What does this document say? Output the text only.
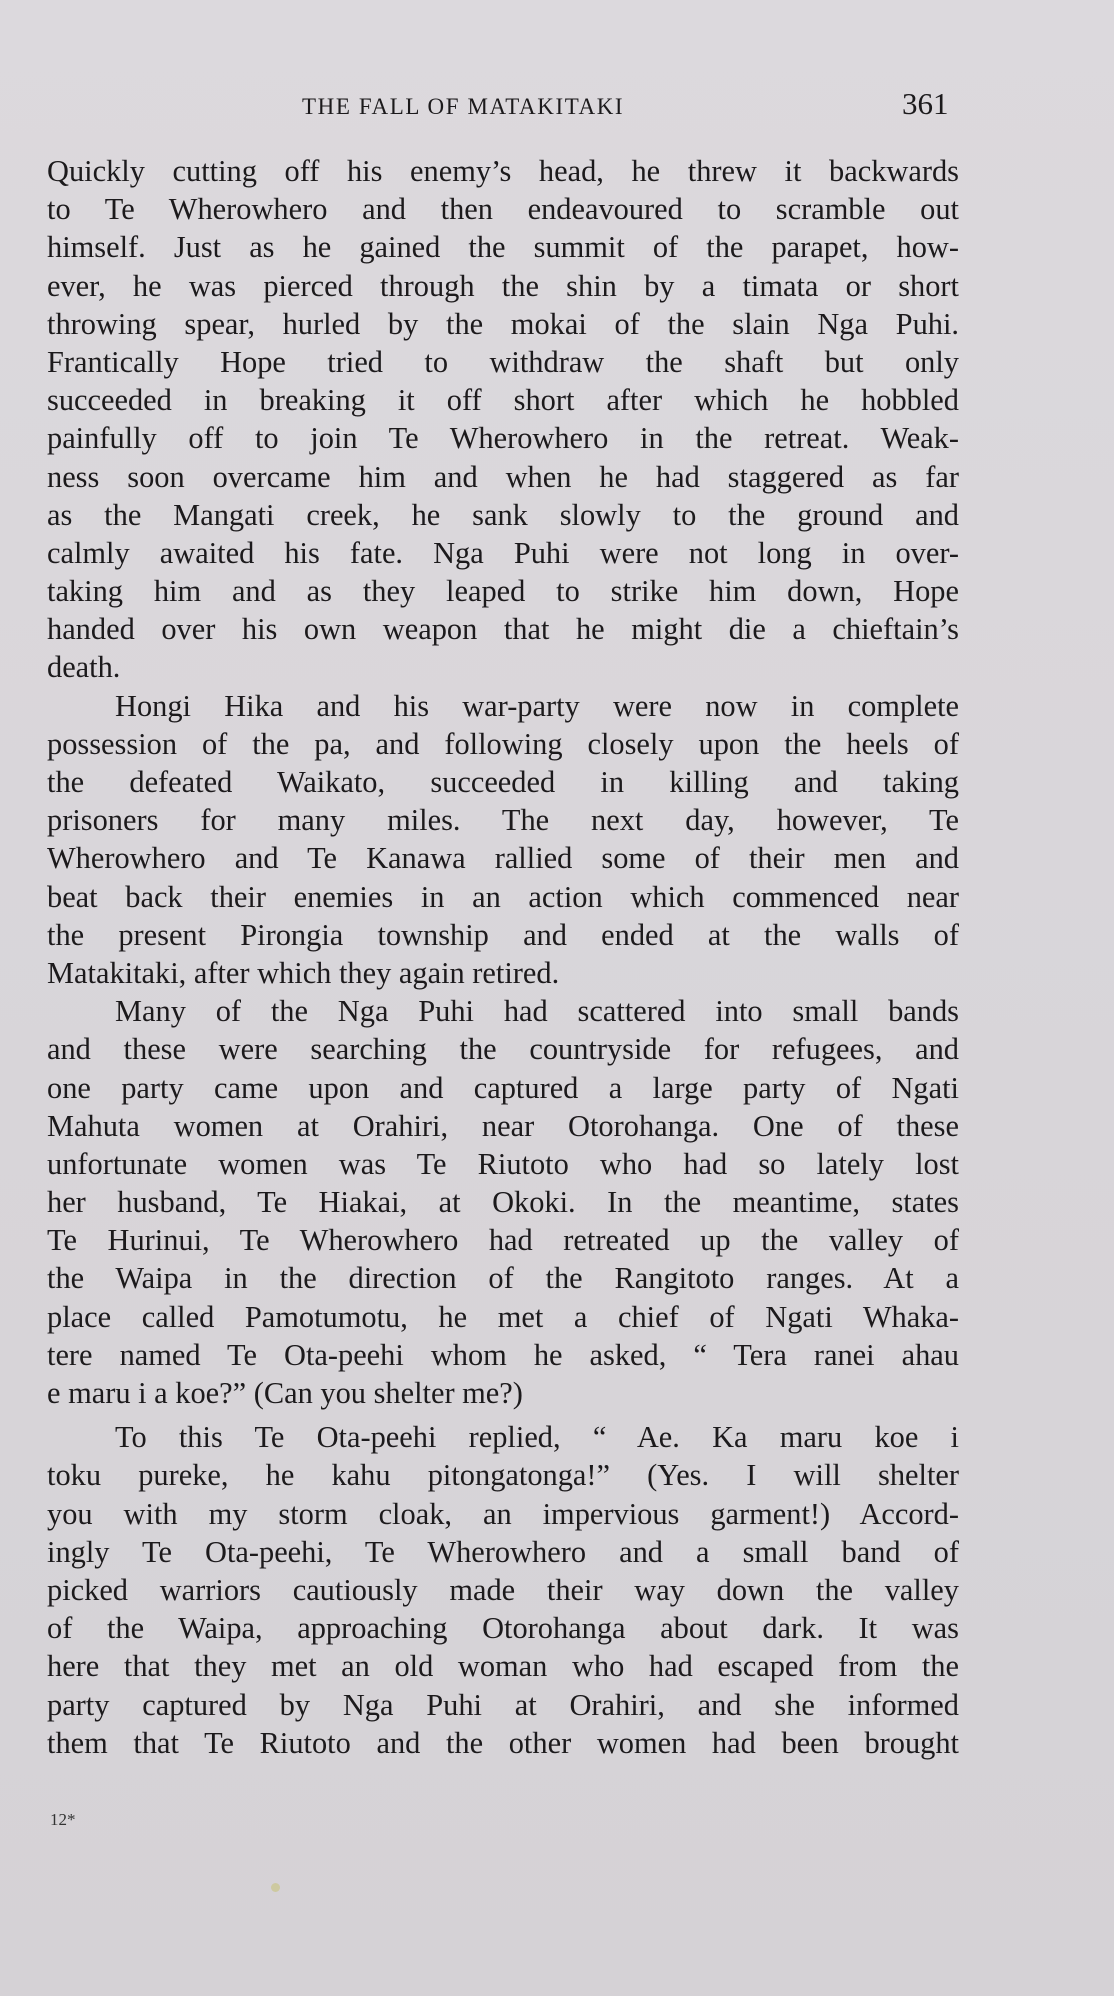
THE FALL OF MATAKITAKI	361
Quickly cutting off his enemy’s head, he threw it backwards
to Te Wherowhero and then endeavoured to scramble out
himself. Just as he gained the summit of the parapet, how-
ever, he was pierced through the shin by a timata or short
throwing spear, hurled by the mokai of the slain Nga Puhi.
Frantically Hope tried to withdraw the shaft but only
succeeded in breaking it off short after which he hobbled
painfully off to join Te Wherowhero in the retreat. Weak-
ness soon overcame him and when he had staggered as far
as the Mangati creek, he sank slowly to the ground and
calmly awaited his fate. Nga Puhi were not long in over-
taking him and as they leaped to strike him down, Hope
handed over his own weapon that he might die a chieftain’s
death.
Hongi Hika and his war-party were now in complete
possession of the pa, and following closely upon the heels of
the defeated Waikato, succeeded in killing and taking
prisoners for many miles. The next day, however, Te
Wherowhero and Te Kanawa rallied some of their men and
beat back their enemies in an action which commenced near
the present Pirongia township and ended at the walls of
Matakitaki, after which they again retired.
Many of the Nga Puhi had scattered into small bands
and these were searching the countryside for refugees, and
one party came upon and captured a large party of Ngati
Mahuta women at Orahiri, near Otorohanga. One of these
unfortunate women was Te Riutoto who had so lately lost
her husband, Te Hiakai, at Okoki. In the meantime, states
Te Hurinui, Te Wherowhero had retreated up the valley of
the Waipa in the direction of the Rangitoto ranges. At a
place called Pamotumotu, he met a chief of Ngati Whaka-
tere named Te Ota-peehi whom he asked, “ Tera ranei ahau
e maru i a koe?” (Can you shelter me?)
To this Te Ota-peehi replied, “ Ae. Ka maru koe i
toku pureke, he kahu pitongatonga!” (Yes. I will shelter
you with my storm cloak, an impervious garment!) Accord-
ingly Te Ota-peehi, Te Wherowhero and a small band of
picked warriors cautiously made their way down the valley
of the Waipa, approaching Otorohanga about dark. It was
here that they met an old woman who had escaped from the
party captured by Nga Puhi at Orahiri, and she informed
them that Te Riutoto and the other women had been brought
12*
